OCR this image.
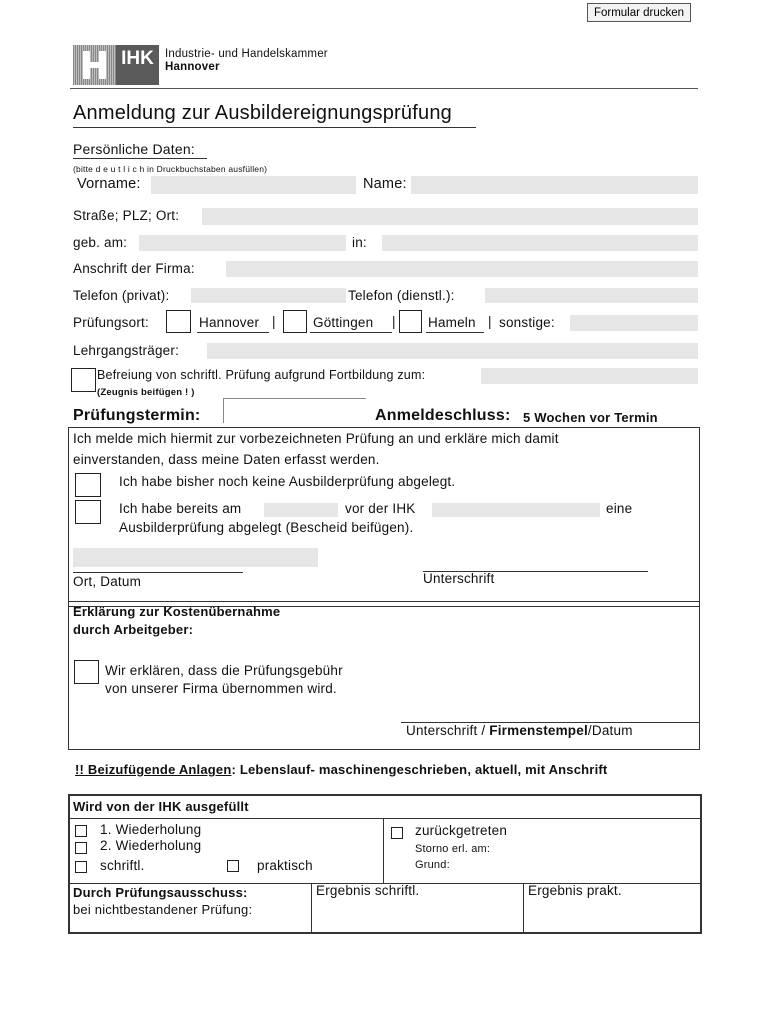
Formular drucken
IHK Industrie- und Handelskammer
Hannover
Anmeldung zur Ausbildereignungsprüfung
Persönliche Daten:
(bitte d e u t l i c h in Druckbuchstaben ausfüllen)
Vorname:	Name:
Straße; PLZ; Ort:
geb. am:	in:
Anschrift der Firma:
Telefon (privat):	Telefon (dienstl.):
Prüfungsort:	Hannover |	Göttingen | Hameln | sonstige:
Lehrgangsträger:
Befreiung von schriftl. Prüfung aufgrund Fortbildung zum:
(Zeugnis beifügen ! )
Prüfungstermin:	Anmeldeschluss: 5 Wochen vor Termin
Ich melde mich hiermit zur vorbezeichneten Prüfung an und erkläre mich damit
einverstanden, dass meine Daten erfasst werden.
Ich habe bisher noch keine Ausbilderprüfung abgelegt.
Ich habe bereits am	vor der IHK	eine
Ausbilderprüfung abgelegt (Bescheid beifügen).
Ort, Datum	Unterschrift
Erklärung zur Kostenübernahme
durch Arbeitgeber:
Wir erklären, dass die Prüfungsgebühr
von unserer Firma übernommen wird.
Unterschrift / Firmenstempel/Datum
!! Beizufügende Anlagen: Lebenslauf- maschinengeschrieben, aktuell, mit Anschrift
Wird von der IHK ausgefüllt
1. Wiederholung
2. Wiederholung
schriftl.	praktisch
zurückgetreten
Storno erl. am:
Grund:
Durch Prüfungsausschuss:
bei nichtbestandener Prüfung:
Ergebnis schriftl.	Ergebnis prakt.
